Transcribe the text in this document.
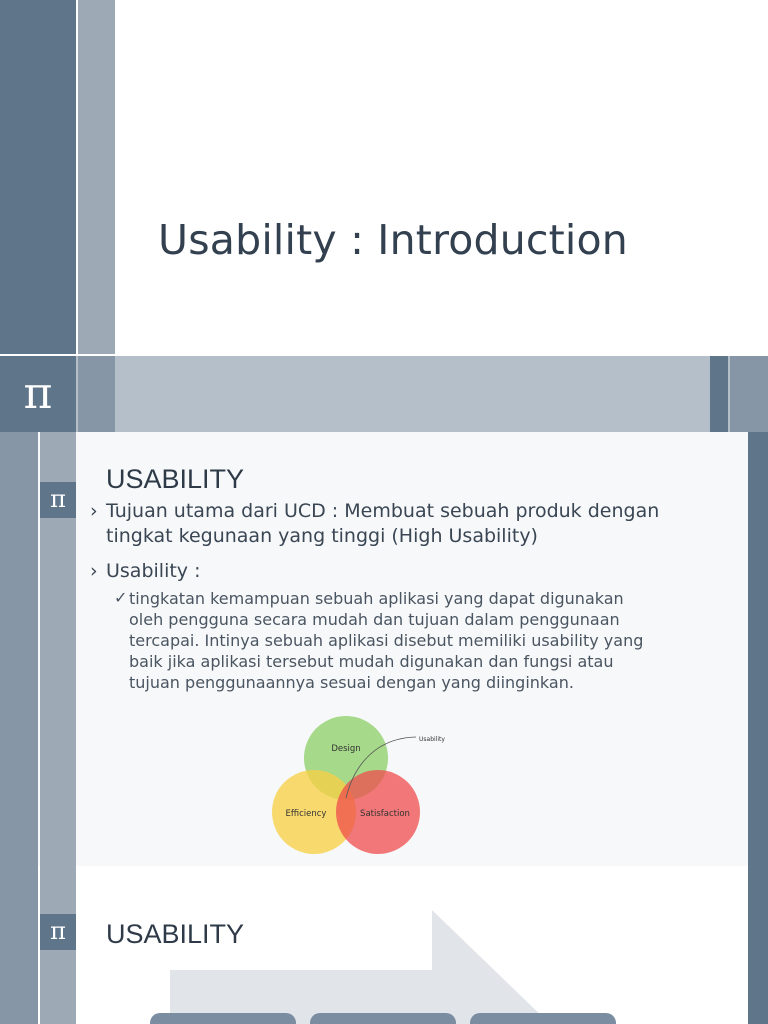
Usability : Introduction
π
π
USABILITY
› Tujuan utama dari UCD : Membuat sebuah produk dengan
tingkat kegunaan yang tinggi (High Usability)
› Usability :
✓ tingkatan kemampuan sebuah aplikasi yang dapat digunakan
oleh pengguna secara mudah dan tujuan dalam penggunaan
tercapai. Intinya sebuah aplikasi disebut memiliki usability yang
baik jika aplikasi tersebut mudah digunakan dan fungsi atau
tujuan penggunaannya sesuai dengan yang diinginkan.
Design
Efficiency	Satisfaction
Usability
π	USABILITY
